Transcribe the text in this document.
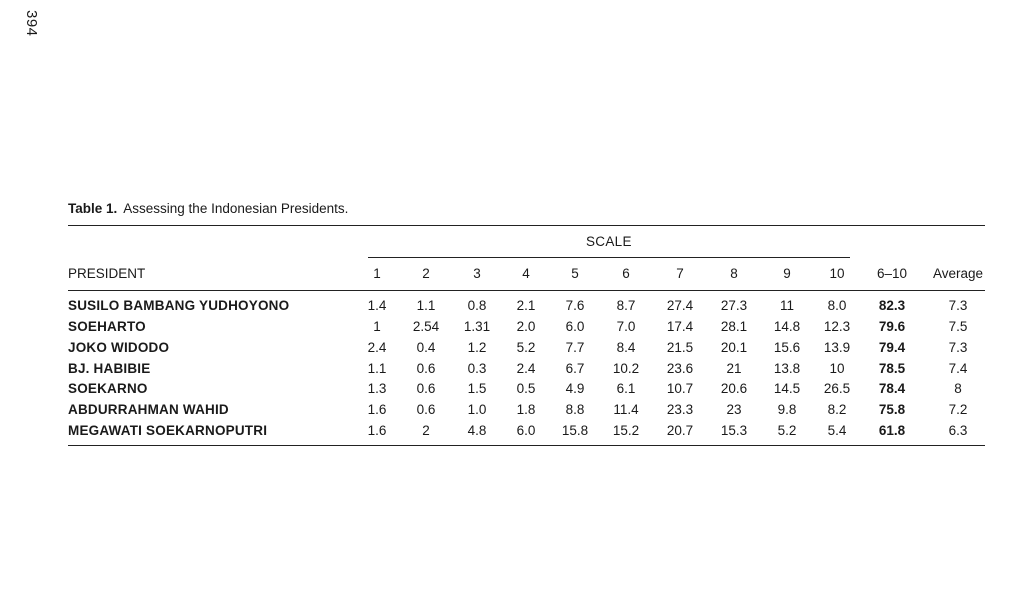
394
Table 1. Assessing the Indonesian Presidents.
SCALE
PRESIDENT	1	2	3	4	5	6	7	8	9	10	6–10	Average
SUSILO BAMBANG YUDHOYONO	1.4	1.1	0.8	2.1	7.6	8.7	27.4	27.3	11	8.0	82.3	7.3
SOEHARTO	1	2.54	1.31	2.0	6.0	7.0	17.4	28.1	14.8	12.3	79.6	7.5
JOKO WIDODO	2.4	0.4	1.2	5.2	7.7	8.4	21.5	20.1	15.6	13.9	79.4	7.3
BJ. HABIBIE	1.1	0.6	0.3	2.4	6.7	10.2	23.6	21	13.8	10	78.5	7.4
SOEKARNO	1.3	0.6	1.5	0.5	4.9	6.1	10.7	20.6	14.5	26.5	78.4	8
ABDURRAHMAN WAHID	1.6	0.6	1.0	1.8	8.8	11.4	23.3	23	9.8	8.2	75.8	7.2
MEGAWATI SOEKARNOPUTRI	1.6	2	4.8	6.0	15.8	15.2	20.7	15.3	5.2	5.4	61.8	6.3
